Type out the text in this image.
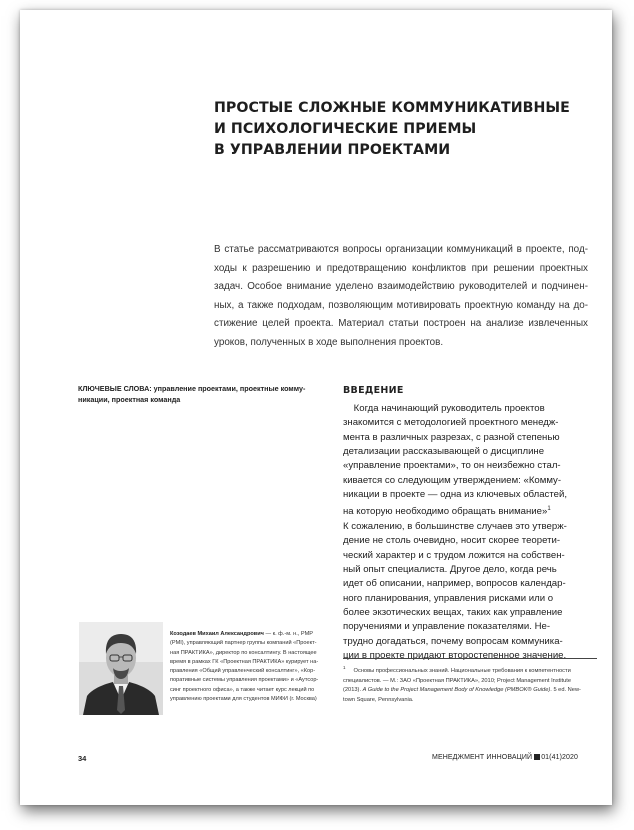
ПРОСТЫЕ СЛОЖНЫЕ КОММУНИКАТИВНЫЕ
И ПСИХОЛОГИЧЕСКИЕ ПРИЕМЫ
В УПРАВЛЕНИИ ПРОЕКТАМИ

В статье рассматриваются вопросы организации коммуникаций в проекте, под-
ходы к разрешению и предотвращению конфликтов при решении проектных
задач. Особое внимание уделено взаимодействию руководителей и подчинен-
ных, а также подходам, позволяющим мотивировать проектную команду на до-
стижение целей проекта. Материал статьи построен на анализе извлеченных
уроков, полученных в ходе выполнения проектов.

КЛЮЧЕВЫЕ СЛОВА: управление проектами, проектные комму-
никации, проектная команда
ВВЕДЕНИЕ
Когда начинающий руководитель проектов
знакомится с методологией проектного менедж-
мента в различных разрезах, с разной степенью
детализации рассказывающей о дисциплине
«управление проектами», то он неизбежно стал-
кивается со следующим утверждением: «Комму-
никации в проекте — одна из ключевых областей,
на которую необходимо обращать внимание»$^1$
К сожалению, в большинстве случаев это утверж-
дение не столь очевидно, носит скорее теорети-
ческий характер и с трудом ложится на собствен-
ный опыт специалиста. Другое дело, когда речь
идет об описании, например, вопросов календар-
ного планирования, управления рисками или о
более экзотических вещах, таких как управление
поручениями и управление показателями. Не-
трудно догадаться, почему вопросам коммуника-
ции в проекте придают второстепенное значение.
$^1$Основы профессиональных знаний. Национальные требования к компетентности
специалистов. — М.: ЗАО «Проектная ПРАКТИКА», 2010; Project Management Institute
(2013). A Guide to the Project Management Body of Knowledge (PMBOK® Guide). 5 ed. New-
town Square, Pennsylvania.
Козодаев Михаил Александрович — к. ф.-м. н., PMP
(PMI), управляющий партнер группы компаний «Проект-
ная ПРАКТИКА», директор по консалтингу. В настоящее
время в рамках ГК «Проектная ПРАКТИКА» курирует на-
правления «Общий управленческий консалтинг», «Кор-
поративные системы управления проектами» и «Аутсор-
синг проектного офиса», а также читает курс лекций по
управлению проектами для студентов МИФИ (г. Москва)
34	МЕНЕДЖМЕНТ ИННОВАЦИЙ 01(41)2020
